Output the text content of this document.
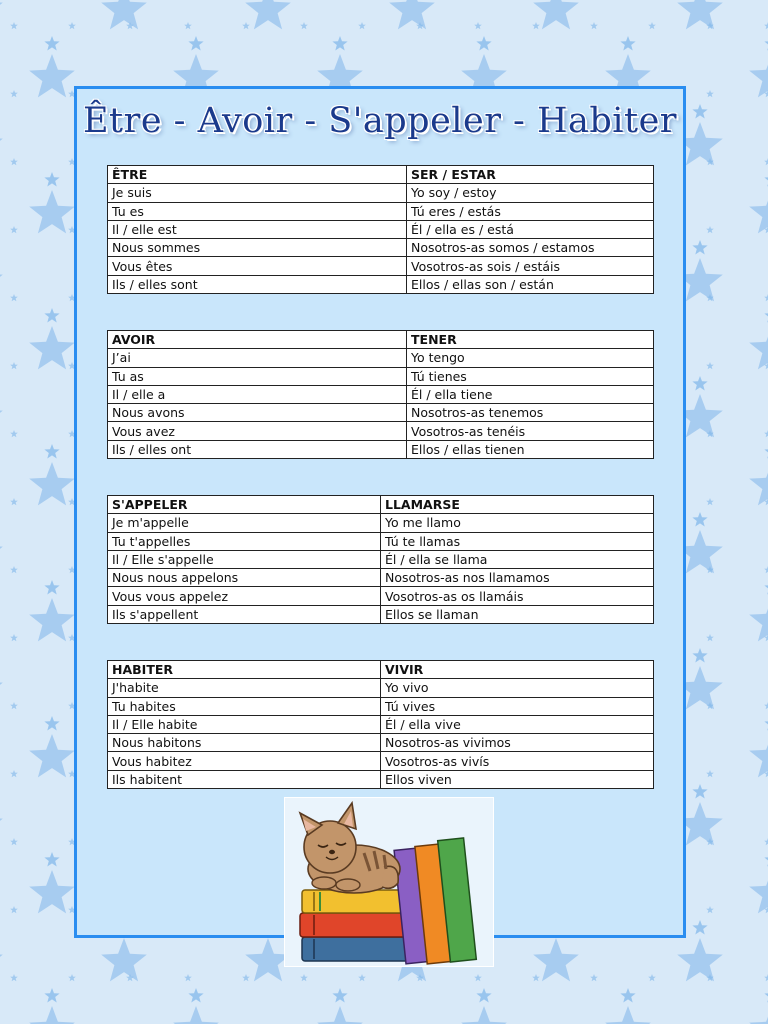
Être - Avoir - S'appeler - Habiter
ÊTRE	SER / ESTAR
Je suis	Yo soy / estoy
Tu es	Tú eres / estás
Il / elle est	Él / ella es / está
Nous sommes	Nosotros-as somos / estamos
Vous êtes	Vosotros-as sois / estáis
Ils / elles sont	Ellos / ellas son / están
AVOIR	TENER
J’ai	Yo tengo
Tu as	Tú tienes
Il / elle a	Él / ella tiene
Nous avons	Nosotros-as tenemos
Vous avez	Vosotros-as tenéis
Ils / elles ont	Ellos / ellas tienen
S'APPELER	LLAMARSE
Je m'appelle	Yo me llamo
Tu t'appelles	Tú te llamas
Il / Elle s'appelle	Él / ella se llama
Nous nous appelons	Nosotros-as nos llamamos
Vous vous appelez	Vosotros-as os llamáis
Ils s'appellent	Ellos se llaman
HABITER	VIVIR
J'habite	Yo vivo
Tu habites	Tú vives
Il / Elle habite	Él / ella vive
Nous habitons	Nosotros-as vivimos
Vous habitez	Vosotros-as vivís
Ils habitent	Ellos viven
